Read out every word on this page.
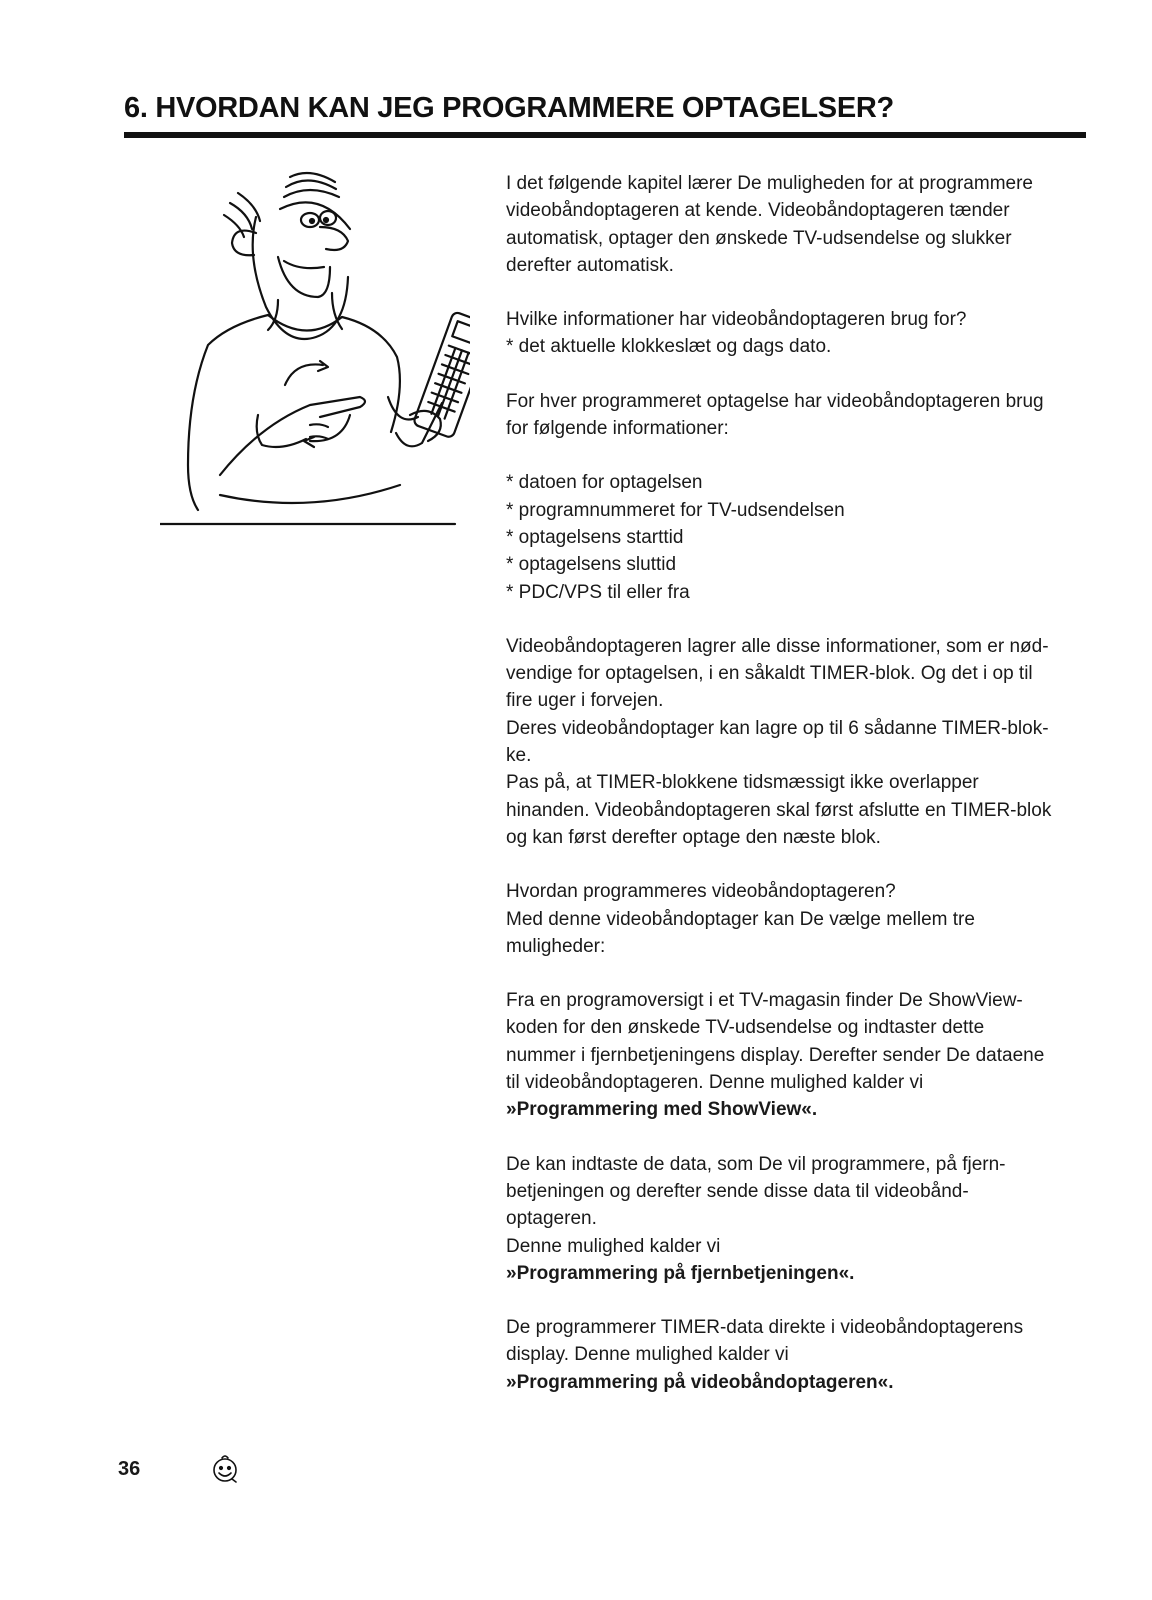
6. HVORDAN KAN JEG PROGRAMMERE OPTAGELSER?

I det følgende kapitel lærer De muligheden for at programmere

videobåndoptageren at kende. Videobåndoptageren tænder

automatisk, optager den ønskede TV-udsendelse og slukker

derefter automatisk.

Hvilke informationer har videobåndoptageren brug for?

* det aktuelle klokkeslæt og dags dato.

For hver programmeret optagelse har videobåndoptageren brug

for følgende informationer:

* datoen for optagelsen

* programnummeret for TV-udsendelsen

* optagelsens starttid

* optagelsens sluttid

* PDC/VPS til eller fra

Videobåndoptageren lagrer alle disse informationer, som er nød-

vendige for optagelsen, i en såkaldt TIMER-blok. Og det i op til

fire uger i forvejen.

Deres videobåndoptager kan lagre op til 6 sådanne TIMER-blok-

ke.

Pas på, at TIMER-blokkene tidsmæssigt ikke overlapper

hinanden. Videobåndoptageren skal først afslutte en TIMER-blok

og kan først derefter optage den næste blok.

Hvordan programmeres videobåndoptageren?

Med denne videobåndoptager kan De vælge mellem tre

muligheder:

Fra en programoversigt i et TV-magasin finder De ShowView-

koden for den ønskede TV-udsendelse og indtaster dette

nummer i fjernbetjeningens display. Derefter sender De dataene

til videobåndoptageren. Denne mulighed kalder vi

»Programmering med ShowView«.

De kan indtaste de data, som De vil programmere, på fjern-

betjeningen og derefter sende disse data til videobånd-

optageren.

Denne mulighed kalder vi

»Programmering på fjernbetjeningen«.

De programmerer TIMER-data direkte i videobåndoptagerens

display. Denne mulighed kalder vi

»Programmering på videobåndoptageren«.

36
